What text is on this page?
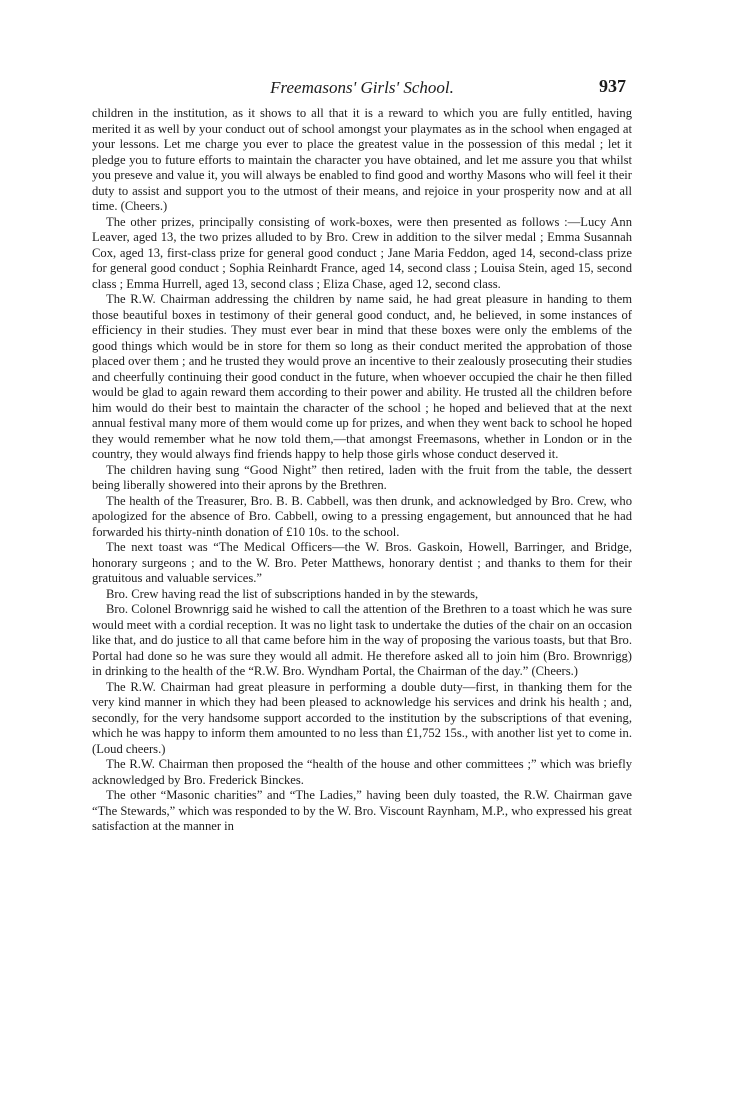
Freemasons' Girls' School.	937

children in the institution, as it shows to all that it is a reward to which you are fully entitled, having merited it as well by your conduct out of school amongst your playmates as in the school when engaged at your lessons. Let me charge you ever to place the greatest value in the possession of this medal ; let it pledge you to future efforts to maintain the character you have obtained, and let me assure you that whilst you preseve and value it, you will always be enabled to find good and worthy Masons who will feel it their duty to assist and support you to the utmost of their means, and rejoice in your prosperity now and at all time. (Cheers.)

The other prizes, principally consisting of work-boxes, were then presented as follows :—Lucy Ann Leaver, aged 13, the two prizes alluded to by Bro. Crew in addition to the silver medal ; Emma Susannah Cox, aged 13, first-class prize for general good conduct ; Jane Maria Feddon, aged 14, second-class prize for general good conduct ; Sophia Reinhardt France, aged 14, second class ; Louisa Stein, aged 15, second class ; Emma Hurrell, aged 13, second class ; Eliza Chase, aged 12, second class.

The R.W. Chairman addressing the children by name said, he had great pleasure in handing to them those beautiful boxes in testimony of their general good conduct, and, he believed, in some instances of efficiency in their studies. They must ever bear in mind that these boxes were only the emblems of the good things which would be in store for them so long as their conduct merited the approbation of those placed over them ; and he trusted they would prove an incentive to their zealously prosecuting their studies and cheerfully continuing their good conduct in the future, when whoever occupied the chair he then filled would be glad to again reward them according to their power and ability. He trusted all the children before him would do their best to maintain the character of the school ; he hoped and believed that at the next annual festival many more of them would come up for prizes, and when they went back to school he hoped they would remember what he now told them,—that amongst Freemasons, whether in London or in the country, they would always find friends happy to help those girls whose conduct deserved it.

The children having sung “Good Night” then retired, laden with the fruit from the table, the dessert being liberally showered into their aprons by the Brethren.

The health of the Treasurer, Bro. B. B. Cabbell, was then drunk, and acknowledged by Bro. Crew, who apologized for the absence of Bro. Cabbell, owing to a pressing engagement, but announced that he had forwarded his thirty-ninth donation of £10 10s. to the school.

The next toast was “The Medical Officers—the W. Bros. Gaskoin, Howell, Barringer, and Bridge, honorary surgeons ; and to the W. Bro. Peter Matthews, honorary dentist ; and thanks to them for their gratuitous and valuable services.”

Bro. Crew having read the list of subscriptions handed in by the stewards,

Bro. Colonel Brownrigg said he wished to call the attention of the Brethren to a toast which he was sure would meet with a cordial reception. It was no light task to undertake the duties of the chair on an occasion like that, and do justice to all that came before him in the way of proposing the various toasts, but that Bro. Portal had done so he was sure they would all admit. He therefore asked all to join him (Bro. Brownrigg) in drinking to the health of the “R.W. Bro. Wyndham Portal, the Chairman of the day.” (Cheers.)

The R.W. Chairman had great pleasure in performing a double duty—first, in thanking them for the very kind manner in which they had been pleased to acknowledge his services and drink his health ; and, secondly, for the very handsome support accorded to the institution by the subscriptions of that evening, which he was happy to inform them amounted to no less than £1,752 15s., with another list yet to come in. (Loud cheers.)

The R.W. Chairman then proposed the “health of the house and other committees ;” which was briefly acknowledged by Bro. Frederick Binckes.

The other “Masonic charities” and “The Ladies,” having been duly toasted, the R.W. Chairman gave “The Stewards,” which was responded to by the W. Bro. Viscount Raynham, M.P., who expressed his great satisfaction at the manner in
